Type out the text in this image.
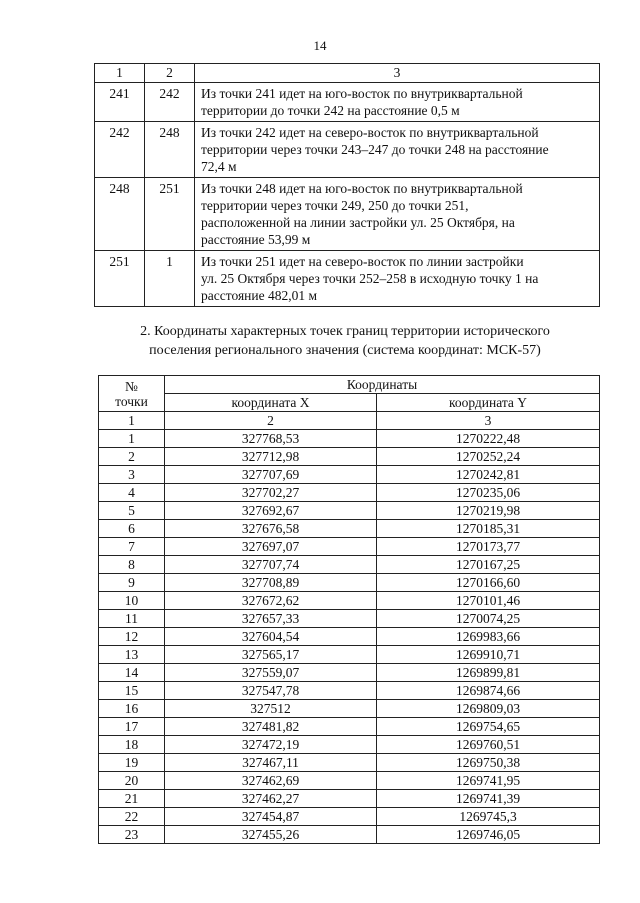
14
1	2	3
241	242	Из точки 241 идет на юго-восток по внутриквартальной
территории до точки 242 на расстояние 0,5 м

242	248	Из точки 242 идет на северо-восток по внутриквартальной
территории через точки 243–247 до точки 248 на расстояние
72,4 м

248	251	Из точки 248 идет на юго-восток по внутриквартальной
территории через точки 249, 250 до точки 251,
расположенной на линии застройки ул. 25 Октября, на
расстояние 53,99 м

251	1	Из точки 251 идет на северо-восток по линии застройки
ул. 25 Октября через точки 252–258 в исходную точку 1 на
расстояние 482,01 м
2. Координаты характерных точек границ территории исторического
поселения регионального значения (система координат: МСК-57)
№
точки	Координаты	
	координата X	координата Y
1	2	3
1	327768,53	1270222,48
2	327712,98	1270252,24
3	327707,69	1270242,81
4	327702,27	1270235,06
5	327692,67	1270219,98
6	327676,58	1270185,31
7	327697,07	1270173,77
8	327707,74	1270167,25
9	327708,89	1270166,60
10	327672,62	1270101,46
11	327657,33	1270074,25
12	327604,54	1269983,66
13	327565,17	1269910,71
14	327559,07	1269899,81
15	327547,78	1269874,66
16	327512	1269809,03
17	327481,82	1269754,65
18	327472,19	1269760,51
19	327467,11	1269750,38
20	327462,69	1269741,95
21	327462,27	1269741,39
22	327454,87	1269745,3
23	327455,26	1269746,05
